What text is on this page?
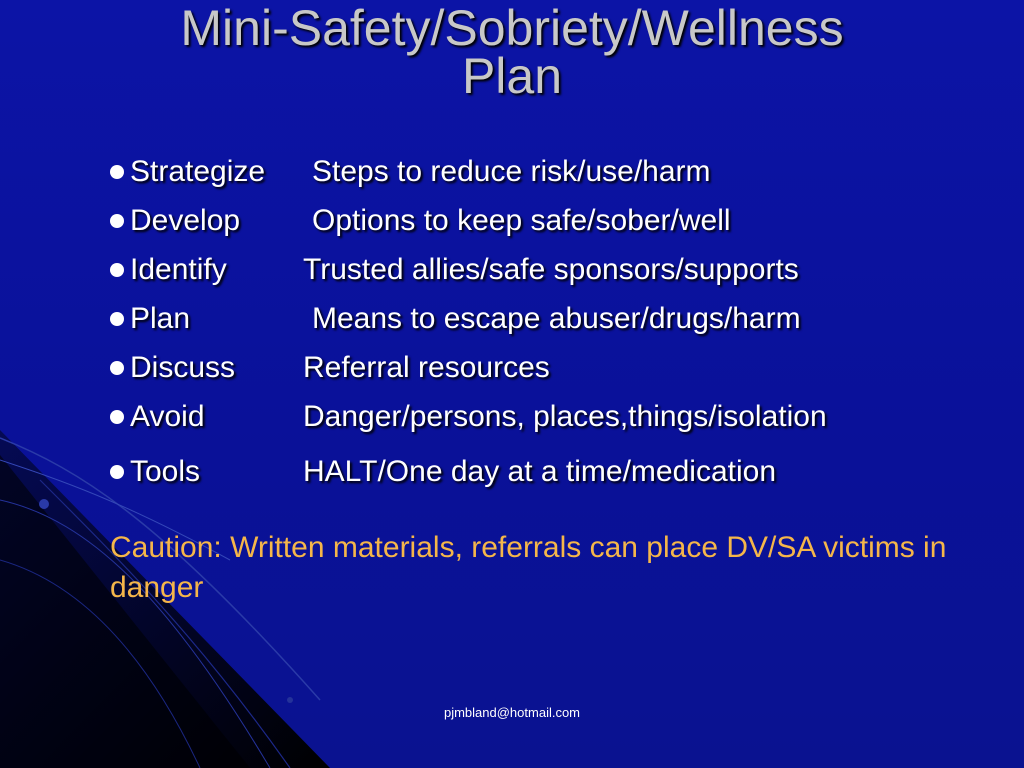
Mini-Safety/Sobriety/Wellness
Plan
Strategize Steps to reduce risk/use/harm
Develop Options to keep safe/sober/well
Identify	Trusted allies/safe sponsors/supports
Plan	Means to escape abuser/drugs/harm
Discuss Referral resources
Avoid	Danger/persons, places,things/isolation
Tools	HALT/One day at a time/medication
Caution: Written materials, referrals can place DV/SA victims in danger
pjmbland@hotmail.com
